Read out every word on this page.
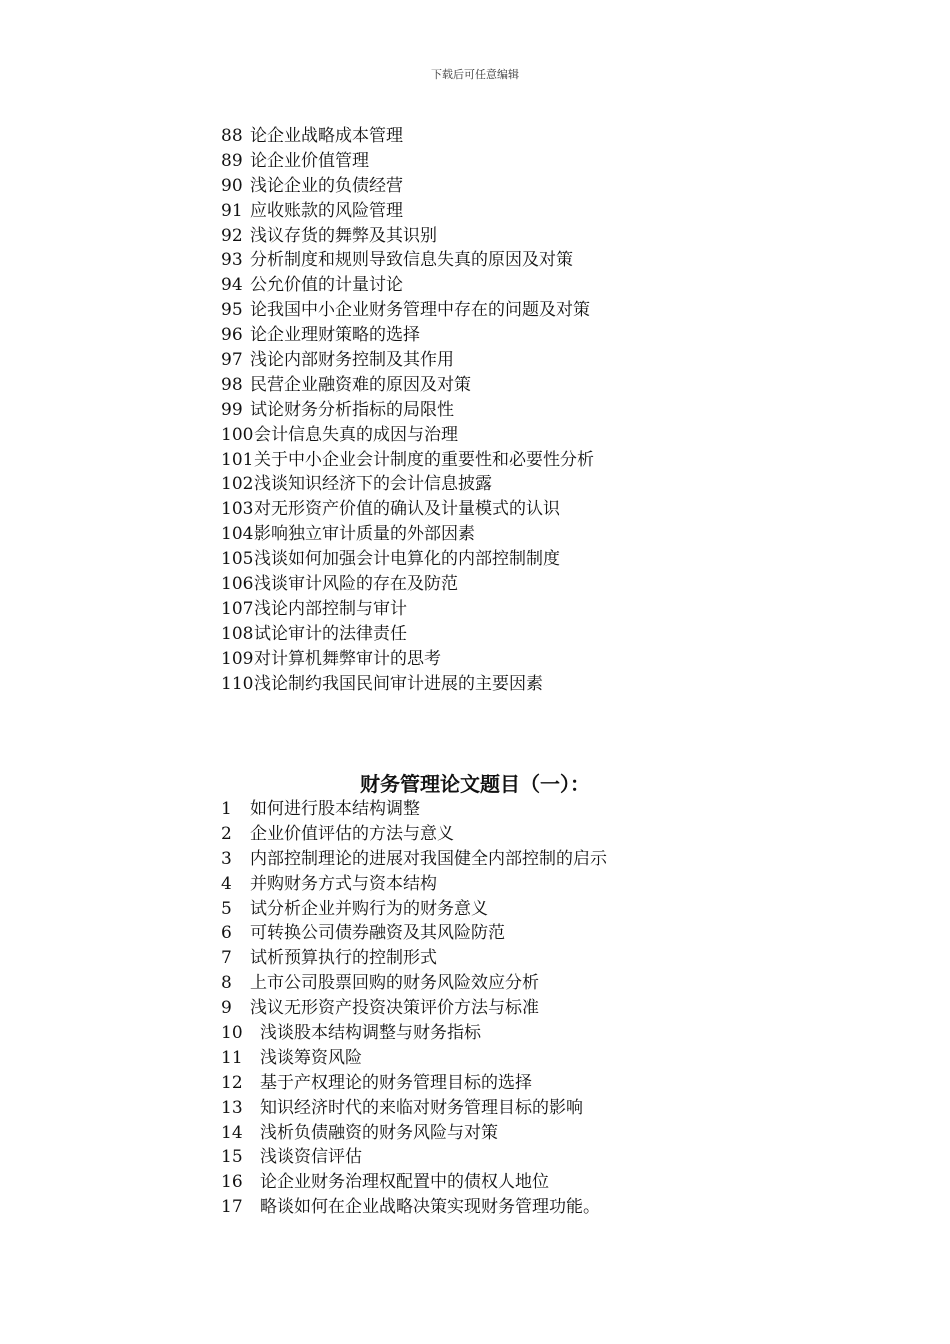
下载后可任意编辑
88 论企业战略成本管理
89 论企业价值管理
90 浅论企业的负债经营
91 应收账款的风险管理
92 浅议存货的舞弊及其识别
93 分析制度和规则导致信息失真的原因及对策
94 公允价值的计量讨论
95 论我国中小企业财务管理中存在的问题及对策
96 论企业理财策略的选择
97 浅论内部财务控制及其作用
98 民营企业融资难的原因及对策
99 试论财务分析指标的局限性
100会计信息失真的成因与治理
101关于中小企业会计制度的重要性和必要性分析
102浅谈知识经济下的会计信息披露
103对无形资产价值的确认及计量模式的认识
104影响独立审计质量的外部因素
105浅谈如何加强会计电算化的内部控制制度
106浅谈审计风险的存在及防范
107浅论内部控制与审计
108试论审计的法律责任
109对计算机舞弊审计的思考
110浅论制约我国民间审计进展的主要因素
财务管理论文题目（一）：
1 如何进行股本结构调整
2 企业价值评估的方法与意义
3 内部控制理论的进展对我国健全内部控制的启示
4 并购财务方式与资本结构
5 试分析企业并购行为的财务意义
6 可转换公司债券融资及其风险防范
7 试析预算执行的控制形式
8 上市公司股票回购的财务风险效应分析
9 浅议无形资产投资决策评价方法与标准
10 浅谈股本结构调整与财务指标
11 浅谈筹资风险
12 基于产权理论的财务管理目标的选择
13 知识经济时代的来临对财务管理目标的影响
14 浅析负债融资的财务风险与对策
15 浅谈资信评估
16 论企业财务治理权配置中的债权人地位
17 略谈如何在企业战略决策实现财务管理功能。
